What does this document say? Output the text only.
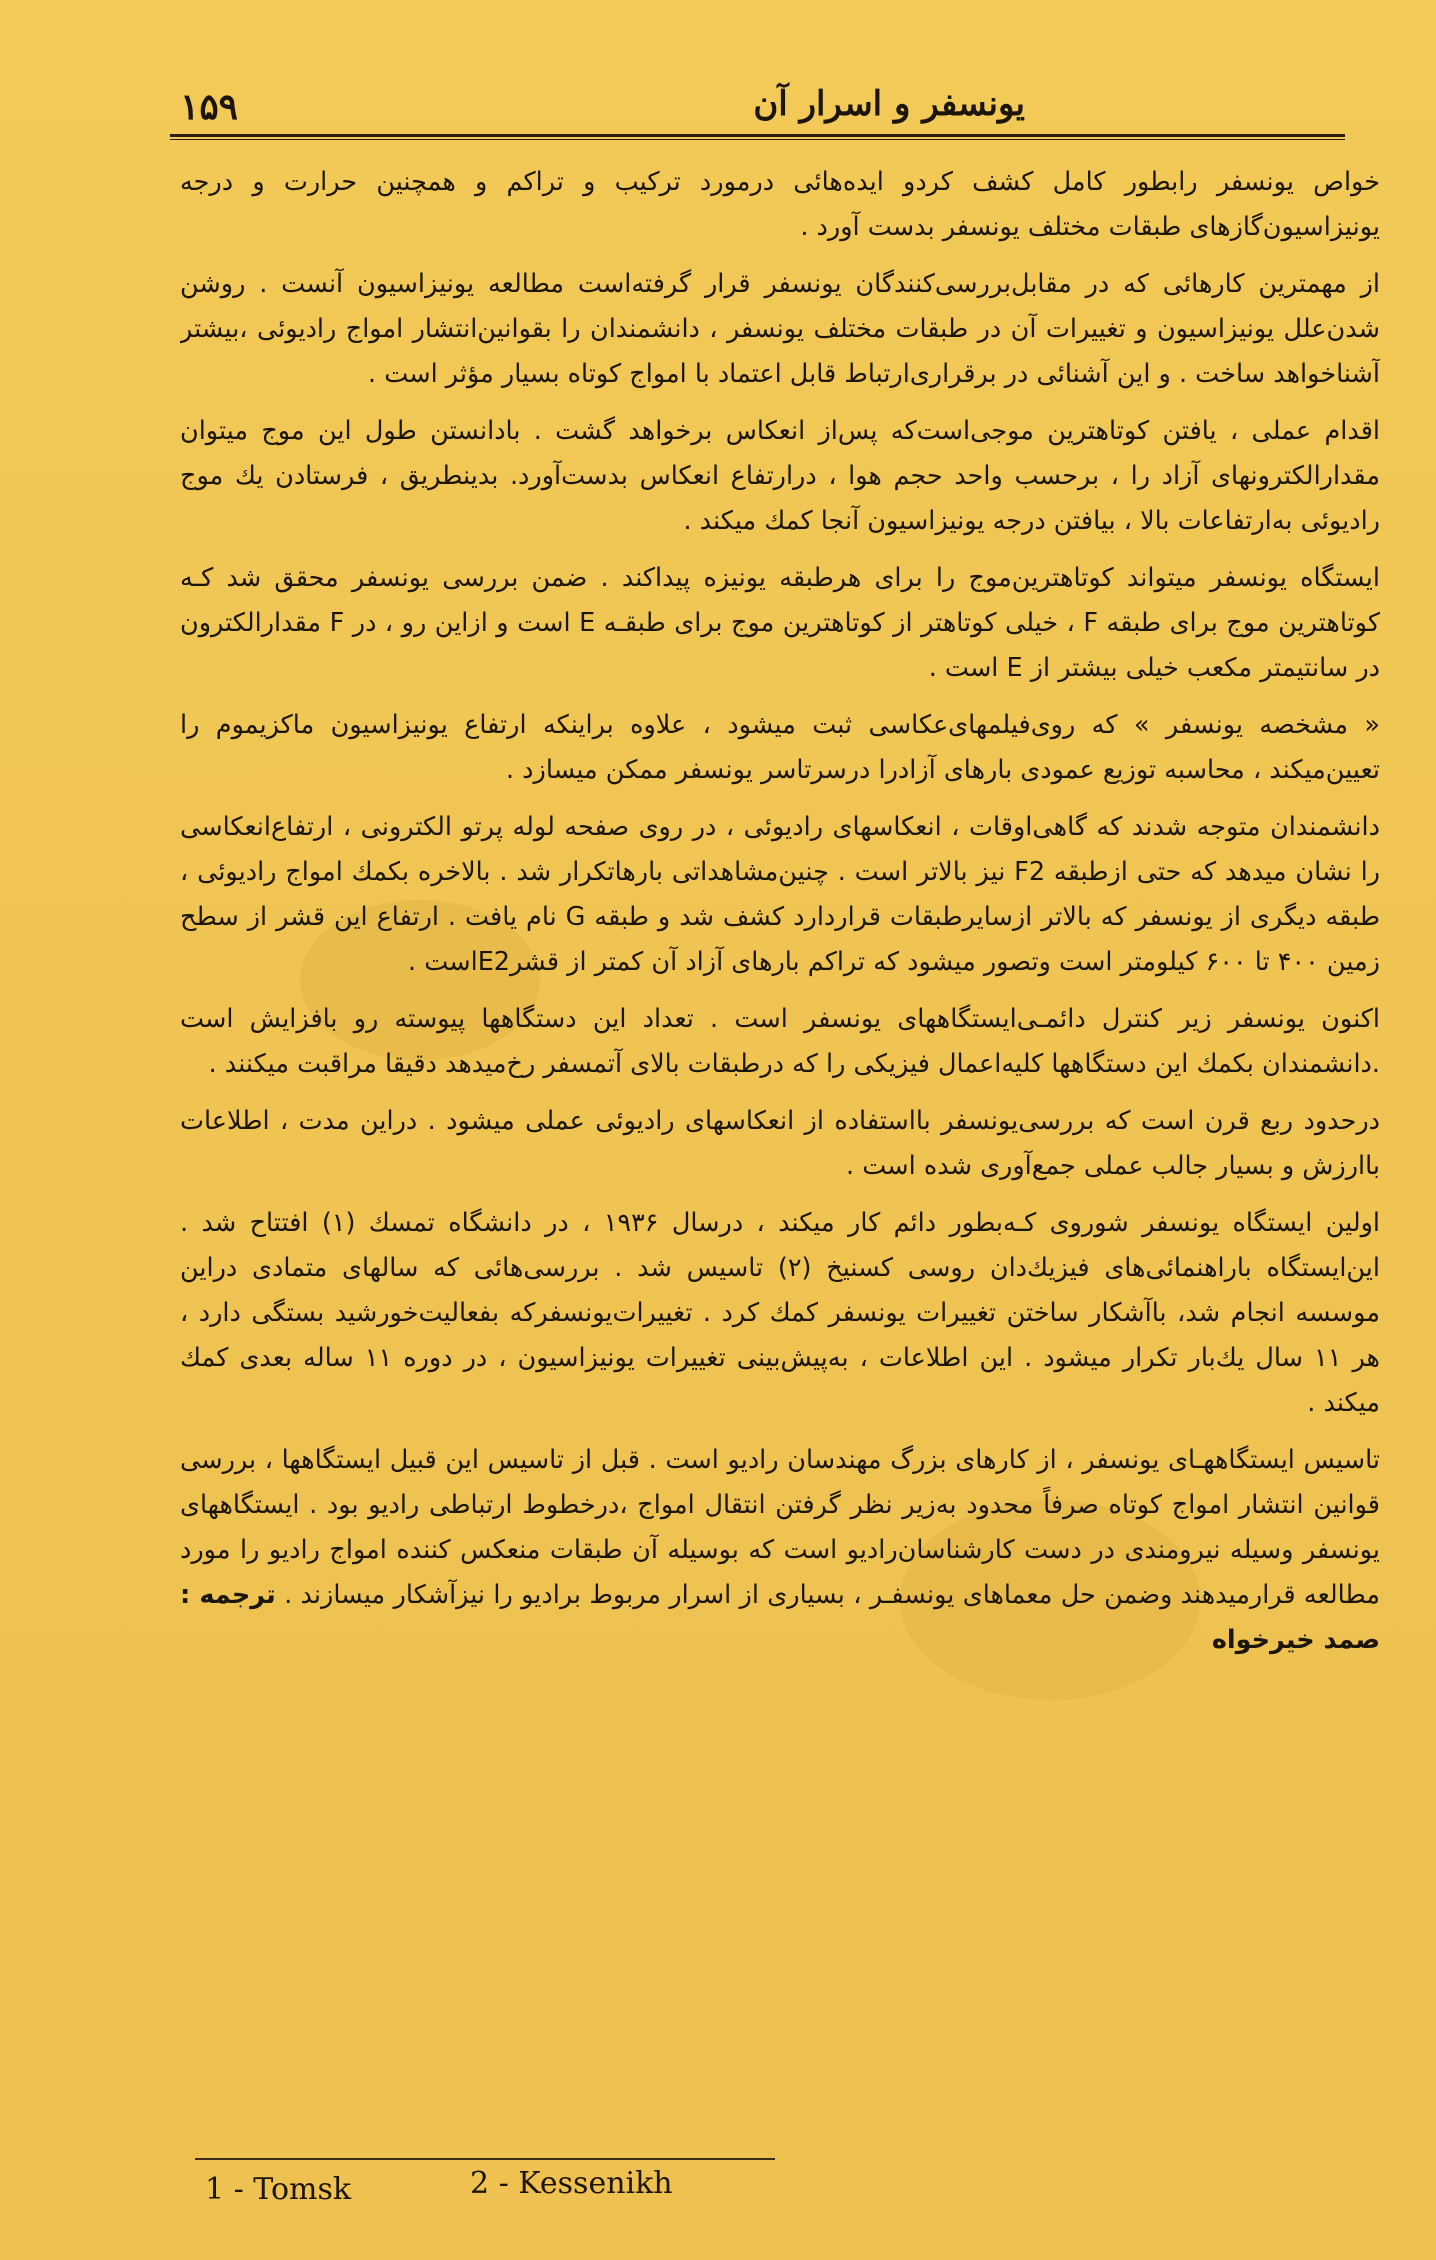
۱۵۹	یونسفر و اسرار آن

خواص یونسفر رابطور کامل کشف کردو ایده‌هائی درمورد ترکیب و تراکم و همچنین حرارت و درجه یونیزاسیون‌گازهای طبقات مختلف یونسفر بدست آورد .

از مهمترین کارهائی که در مقابل‌بررسی‌کنندگان یونسفر قرار گرفته‌است مطالعه یونیزاسیون آنست . روشن شدن‌علل یونیزاسیون و تغییرات آن در طبقات مختلف یونسفر ، دانشمندان را بقوانین‌انتشار امواج رادیوئی ،بیشتر آشناخواهد ساخت . و این آشنائی در برقراری‌ارتباط قابل اعتماد با امواج کوتاه بسیار مؤثر است .

اقدام عملی ، یافتن کوتاهترین موجی‌است‌که پس‌از انعکاس برخواهد گشت . بادانستن طول این موج میتوان مقدارالکترونهای آزاد را ، برحسب واحد حجم هوا ، درارتفاع انعکاس بدست‌آورد. بدینطریق ، فرستادن یك موج رادیوئی به‌ارتفاعات بالا ، بیافتن درجه یونیزاسیون آنجا کمك میکند .

ایستگاه یونسفر میتواند کوتاهترین‌موج را برای هرطبقه یونیزه پیداکند . ضمن بررسی یونسفر محقق شد کـه کوتاهترین موج برای طبقه F ، خیلی کوتاهتر از کوتاهترین موج برای طبقـه E است و ازاین رو ، در F مقدارالکترون در سانتیمتر مکعب خیلی بیشتر از E است .

« مشخصه یونسفر » که روی‌فیلمهای‌عکاسی ثبت میشود ، علاوه براینکه ارتفاع یونیزاسیون ماکزیموم را تعیین‌میکند ، محاسبه توزیع عمودی بارهای آزادرا درسرتاسر یونسفر ممکن میسازد .

دانشمندان متوجه شدند که گاهی‌اوقات ، انعکاسهای رادیوئی ، در روی صفحه لوله پرتو الکترونی ، ارتفاع‌انعکاسی را نشان میدهد که حتی ازطبقه F2 نیز بالاتر است . چنین‌مشاهداتی بارهاتکرار شد . بالاخره بکمك امواج رادیوئی ، طبقه دیگری از یونسفر که بالاتر ازسایر‌طبقات قراردارد کشف شد و طبقه G نام یافت . ارتفاع این قشر از سطح زمین ۴۰۰ تا ۶۰۰ کیلومتر است وتصور میشود که تراکم بارهای آزاد آن کمتر از قشرE2است .

اکنون یونسفر زیر کنترل دائمـی‌ایستگاههای یونسفر است . تعداد این دستگاهها پیوسته رو بافزایش است .دانشمندان بکمك این دستگاهها کلیه‌اعمال فیزیکی را که درطبقات بالای آتمسفر رخ‌میدهد دقیقا مراقبت میکنند .

درحدود ربع قرن است که بررسی‌یونسفر بااستفاده از انعکاسهای رادیوئی عملی میشود . دراین مدت ، اطلاعات باارزش و بسیار جالب عملی جمع‌آوری شده است .

اولین ایستگاه یونسفر شوروی کـه‌بطور دائم کار میکند ، درسال ۱۹۳۶ ، در دانشگاه تمسك (۱) افتتاح شد . این‌ایستگاه باراهنمائی‌های فیزیك‌دان روسی کسنیخ (۲) تاسیس شد . بررسی‌هائی که سالهای متمادی دراین موسسه انجام شد، باآشکار ساختن تغییرات یونسفر کمك کرد . تغییرات‌یونسفرکه بفعالیت‌خورشید بستگی دارد ، هر ۱۱ سال یك‌بار تکرار میشود . این اطلاعات ، به‌پیش‌بینی تغییرات یونیزاسیون ، در دوره ۱۱ ساله بعدی کمك میکند .

تاسیس ایستگاههـای یونسفر ، از کارهای بزرگ مهندسان رادیو است . قبل از تاسیس این قبیل ایستگاهها ، بررسی قوانین انتشار امواج کوتاه صرفاً محدود به‌زیر نظر گرفتن انتقال امواج ،درخطوط ارتباطی رادیو بود . ایستگاههای یونسفر وسیله نیرومندی در دست کارشناسان‌رادیو است که بوسیله آن طبقات منعکس کننده امواج رادیو را مورد مطالعه قرار‌میدهند وضمن حل معماهای یونسفـر ، بسیاری از اسرار مربوط برادیو را نیزآشکار میسازند . ترجمه : صمد خیرخواه

1 - Tomsk	2 - Kessenikh
